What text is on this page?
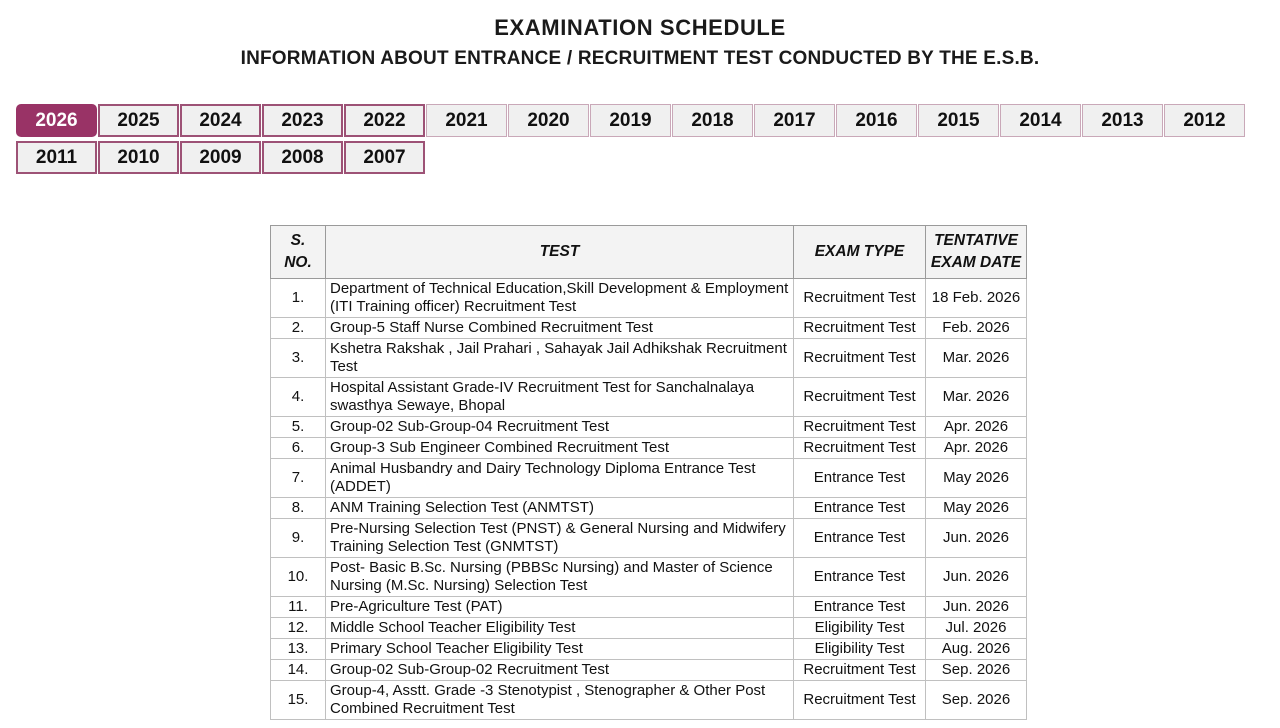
EXAMINATION SCHEDULE
INFORMATION ABOUT ENTRANCE / RECRUITMENT TEST CONDUCTED BY THE E.S.B.
2026	2025	2024	2023	2022	2021	2020	2019	2018	2017	2016	2015	2014	2013	2012
2011	2010	2009	2008	2007
S. NO.	TEST	EXAM TYPE	TENTATIVE EXAM DATE
1.	Department of Technical Education,Skill Development & Employment (ITI Training officer) Recruitment Test	Recruitment Test	18 Feb. 2026
2.	Group-5 Staff Nurse Combined Recruitment Test	Recruitment Test	Feb. 2026
3.	Kshetra Rakshak , Jail Prahari , Sahayak Jail Adhikshak Recruitment Test	Recruitment Test	Mar. 2026
4.	Hospital Assistant Grade-IV Recruitment Test for Sanchalnalaya swasthya Sewaye, Bhopal	Recruitment Test	Mar. 2026
5.	Group-02 Sub-Group-04 Recruitment Test	Recruitment Test	Apr. 2026
6.	Group-3 Sub Engineer Combined Recruitment Test	Recruitment Test	Apr. 2026
7.	Animal Husbandry and Dairy Technology Diploma Entrance Test (ADDET)	Entrance Test	May 2026
8.	ANM Training Selection Test (ANMTST)	Entrance Test	May 2026
9.	Pre-Nursing Selection Test (PNST) & General Nursing and Midwifery Training Selection Test (GNMTST)	Entrance Test	Jun. 2026
10.	Post- Basic B.Sc. Nursing (PBBSc Nursing) and Master of Science Nursing (M.Sc. Nursing) Selection Test	Entrance Test	Jun. 2026
11.	Pre-Agriculture Test (PAT)	Entrance Test	Jun. 2026
12.	Middle School Teacher Eligibility Test	Eligibility Test	Jul. 2026
13.	Primary School Teacher Eligibility Test	Eligibility Test	Aug. 2026
14.	Group-02 Sub-Group-02 Recruitment Test	Recruitment Test	Sep. 2026
15.	Group-4, Asstt. Grade -3 Stenotypist , Stenographer & Other Post Combined Recruitment Test	Recruitment Test	Sep. 2026
